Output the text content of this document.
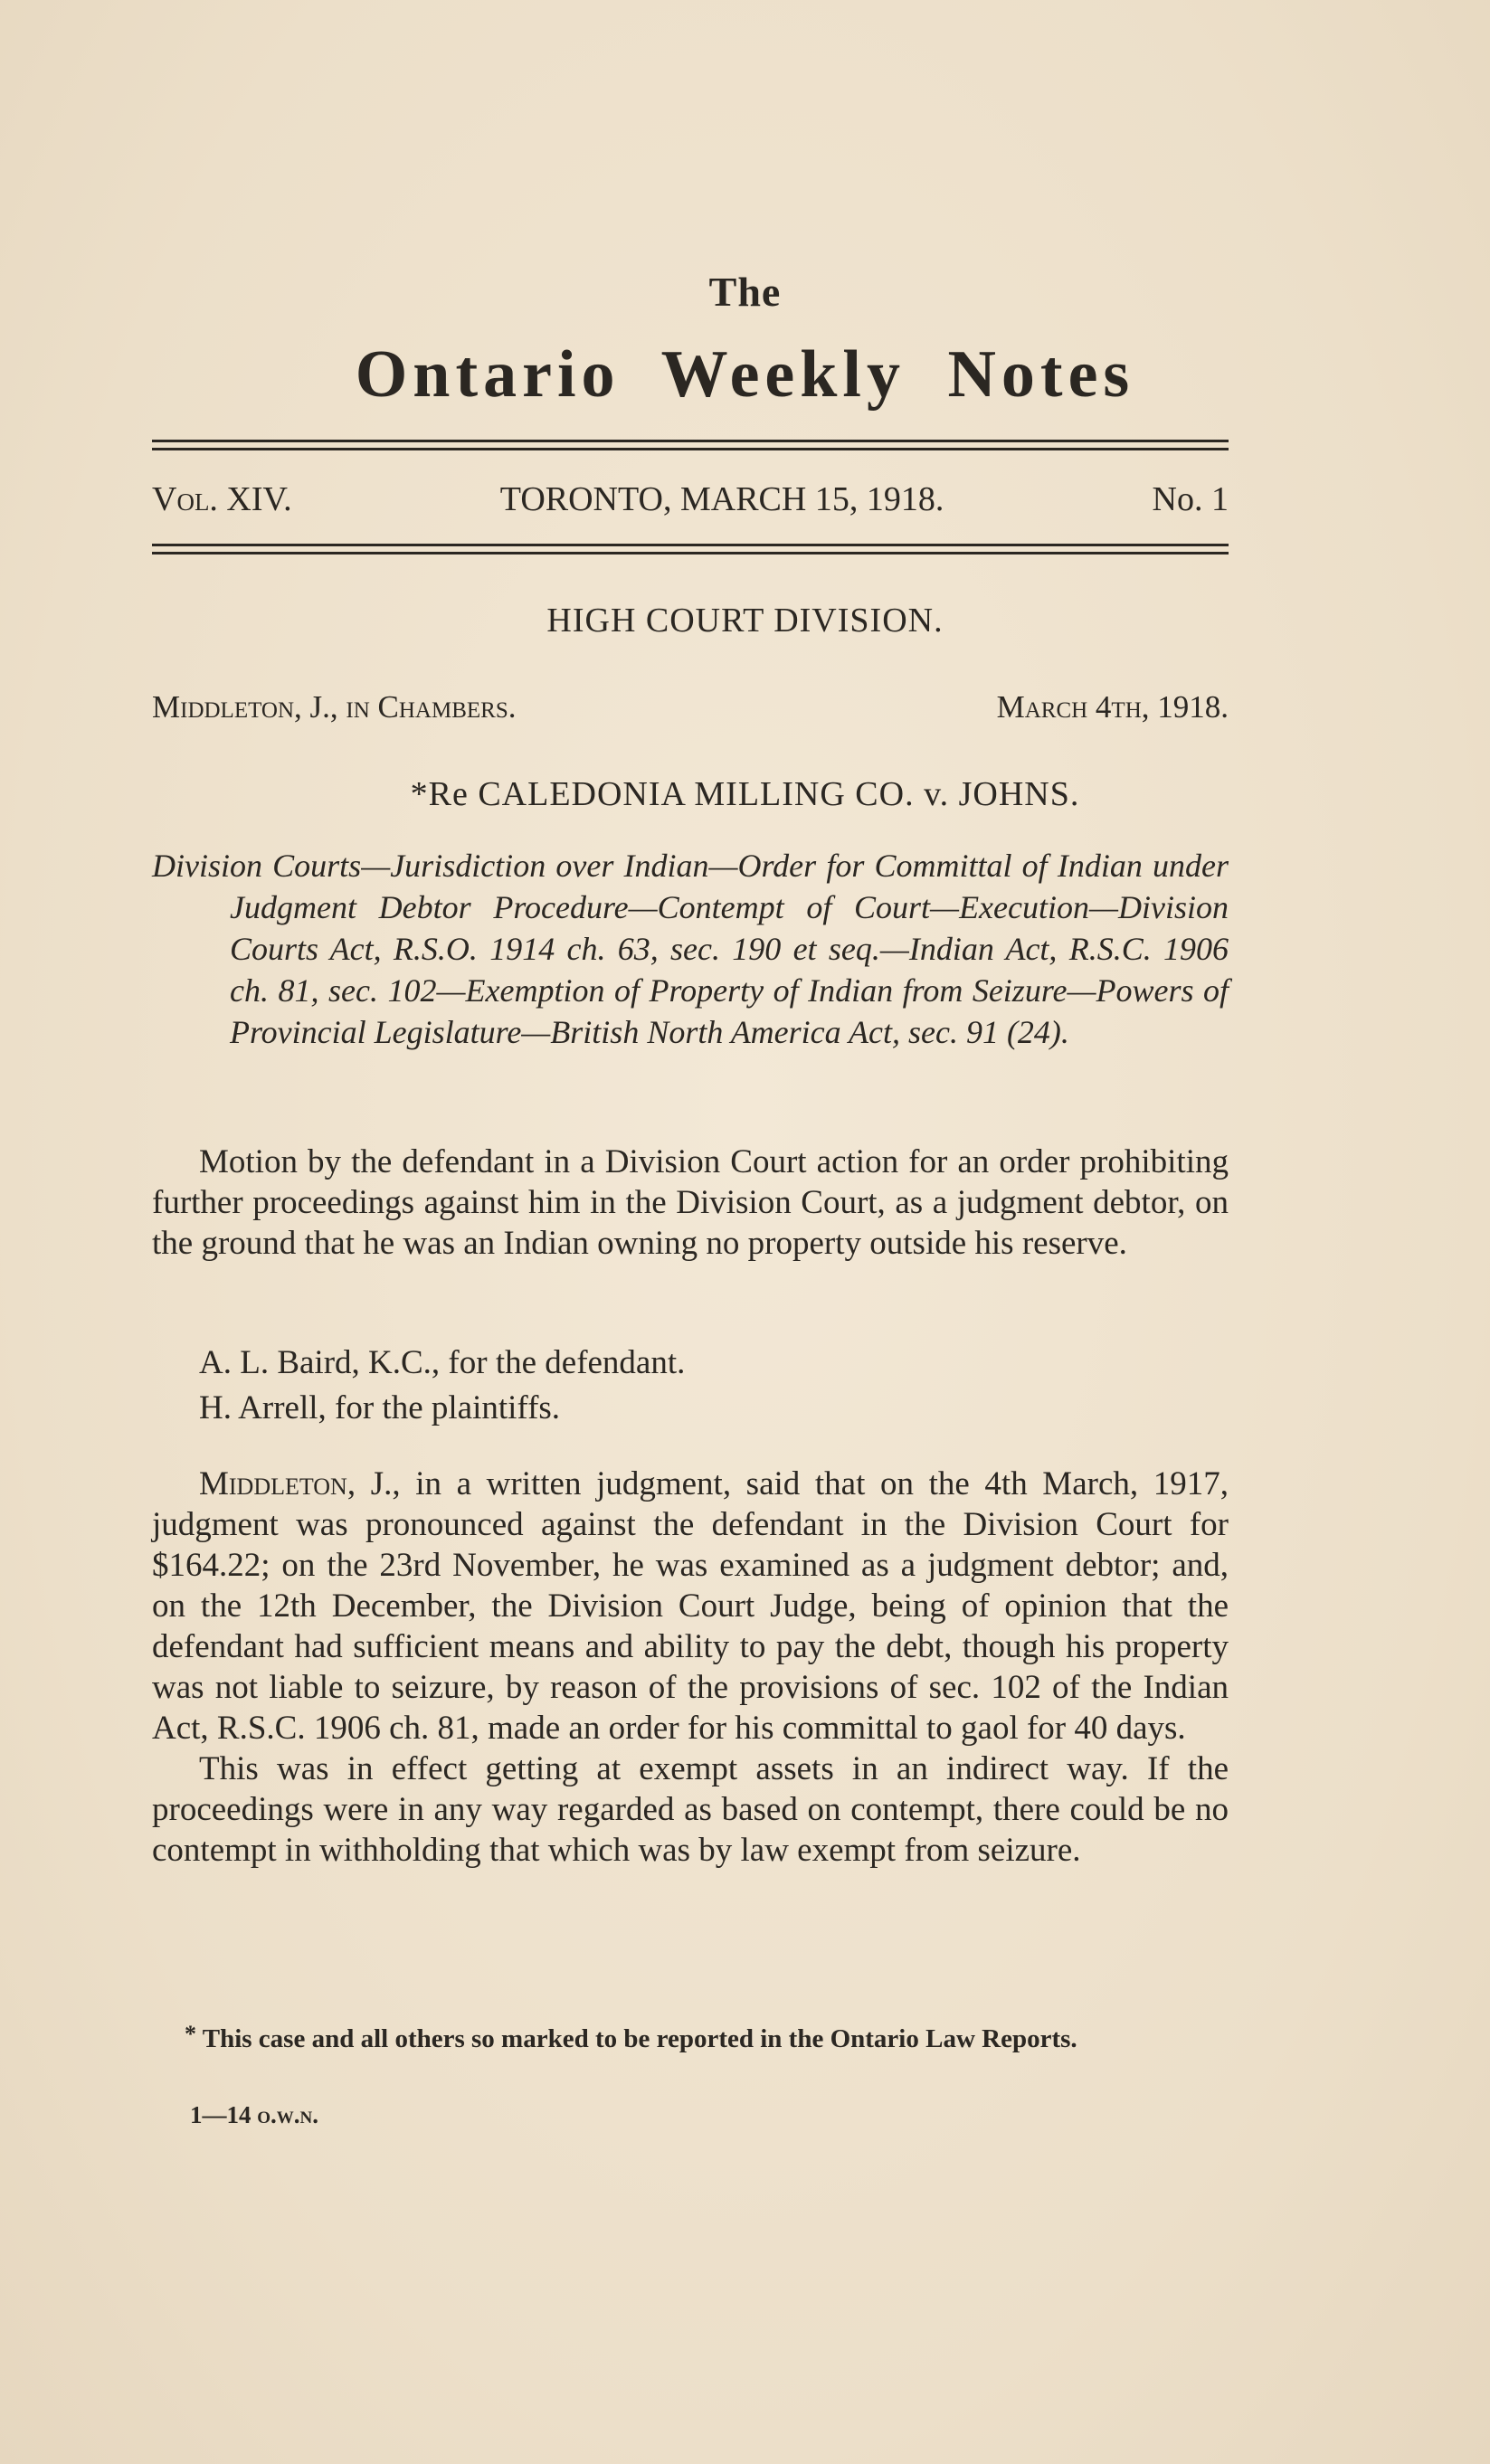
The
Ontario Weekly Notes
Vol. XIV.	TORONTO, MARCH 15, 1918.	No. 1
HIGH COURT DIVISION.
Middleton, J., in Chambers.	March 4th, 1918.
*Re CALEDONIA MILLING CO. v. JOHNS.

Division Courts—Jurisdiction over Indian—Order for Committal of Indian under Judgment Debtor Procedure—Contempt of Court—Execution—Division Courts Act, R.S.O. 1914 ch. 63, sec. 190 et seq.—Indian Act, R.S.C. 1906 ch. 81, sec. 102—Exemption of Property of Indian from Seizure—Powers of Provincial Legislature—British North America Act, sec. 91 (24).

Motion by the defendant in a Division Court action for an order prohibiting further proceedings against him in the Division Court, as a judgment debtor, on the ground that he was an Indian owning no property outside his reserve.

A. L. Baird, K.C., for the defendant.
H. Arrell, for the plaintiffs.

Middleton, J., in a written judgment, said that on the 4th March, 1917, judgment was pronounced against the defendant in the Division Court for $164.22; on the 23rd November, he was examined as a judgment debtor; and, on the 12th December, the Division Court Judge, being of opinion that the defendant had sufficient means and ability to pay the debt, though his property was not liable to seizure, by reason of the provisions of sec. 102 of the Indian Act, R.S.C. 1906 ch. 81, made an order for his committal to gaol for 40 days.

This was in effect getting at exempt assets in an indirect way. If the proceedings were in any way regarded as based on contempt, there could be no contempt in withholding that which was by law exempt from seizure.

* This case and all others so marked to be reported in the Ontario Law Reports.

1—14 o.w.n.
